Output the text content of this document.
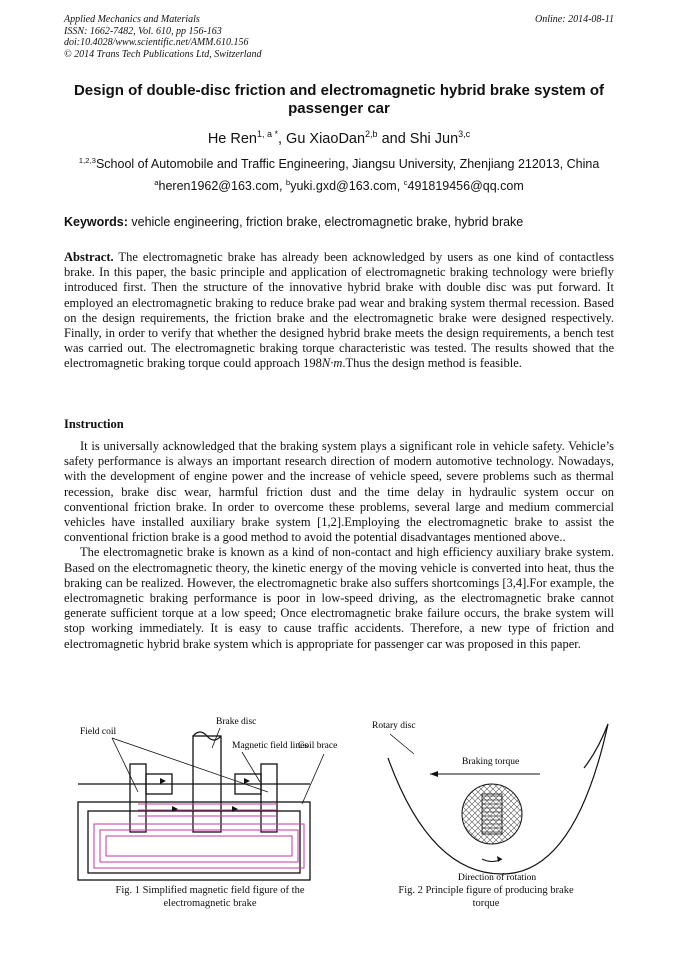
Applied Mechanics and Materials
ISSN: 1662-7482, Vol. 610, pp 156-163
doi:10.4028/www.scientific.net/AMM.610.156
© 2014 Trans Tech Publications Ltd, Switzerland
Online: 2014-08-11
Design of double-disc friction and electromagnetic hybrid brake system of passenger car
He Ren$^{1, a *}$, Gu XiaoDan$^{2,b}$ and Shi Jun$^{3,c}$
$^{1,2,3}$School of Automobile and Traffic Engineering, Jiangsu University, Zhenjiang 212013, China
$^a$heren1962@163.com, $^b$yuki.gxd@163.com, $^c$491819456@qq.com
Keywords: vehicle engineering, friction brake, electromagnetic brake, hybrid brake
Abstract. The electromagnetic brake has already been acknowledged by users as one kind of contactless brake. In this paper, the basic principle and application of electromagnetic braking technology were briefly introduced first. Then the structure of the innovative hybrid brake with double disc was put forward. It employed an electromagnetic braking to reduce brake pad wear and braking system thermal recession. Based on the design requirements, the friction brake and the electromagnetic brake were designed respectively. Finally, in order to verify that whether the designed hybrid brake meets the design requirements, a bench test was carried out. The electromagnetic braking torque characteristic was tested. The results showed that the electromagnetic braking torque could approach 198N·m.Thus the design method is feasible.
Instruction

It is universally acknowledged that the braking system plays a significant role in vehicle safety. Vehicle’s safety performance is always an important research direction of modern automotive technology. Nowadays, with the development of engine power and the increase of vehicle speed, severe problems such as thermal recession, brake disc wear, harmful friction dust and the time delay in hydraulic system occur on conventional friction brake. In order to overcome these problems, several large and medium commercial vehicles have installed auxiliary brake system [1,2].Employing the electromagnetic brake to assist the conventional friction brake is a good method to avoid the potential disadvantages mentioned above..

The electromagnetic brake is known as a kind of non-contact and high efficiency auxiliary brake system. Based on the electromagnetic theory, the kinetic energy of the moving vehicle is converted into heat, thus the braking can be realized. However, the electromagnetic brake also suffers shortcomings [3,4].For example, the electromagnetic braking performance is poor in low-speed driving, as the electromagnetic brake cannot generate sufficient torque at a low speed; Once electromagnetic brake failure occurs, the brake system will stop working immediately. It is easy to cause traffic accidents. Therefore, a new type of friction and electromagnetic hybrid brake system which is appropriate for passenger car was proposed in this paper.

Field coil
Brake disc
Magnetic field lines
Coil brace
Fig. 1 Simplified magnetic field figure of the electromagnetic brake
Rotary disc
Braking torque
Direction of rotation
Fig. 2 Principle figure of producing brake torque
